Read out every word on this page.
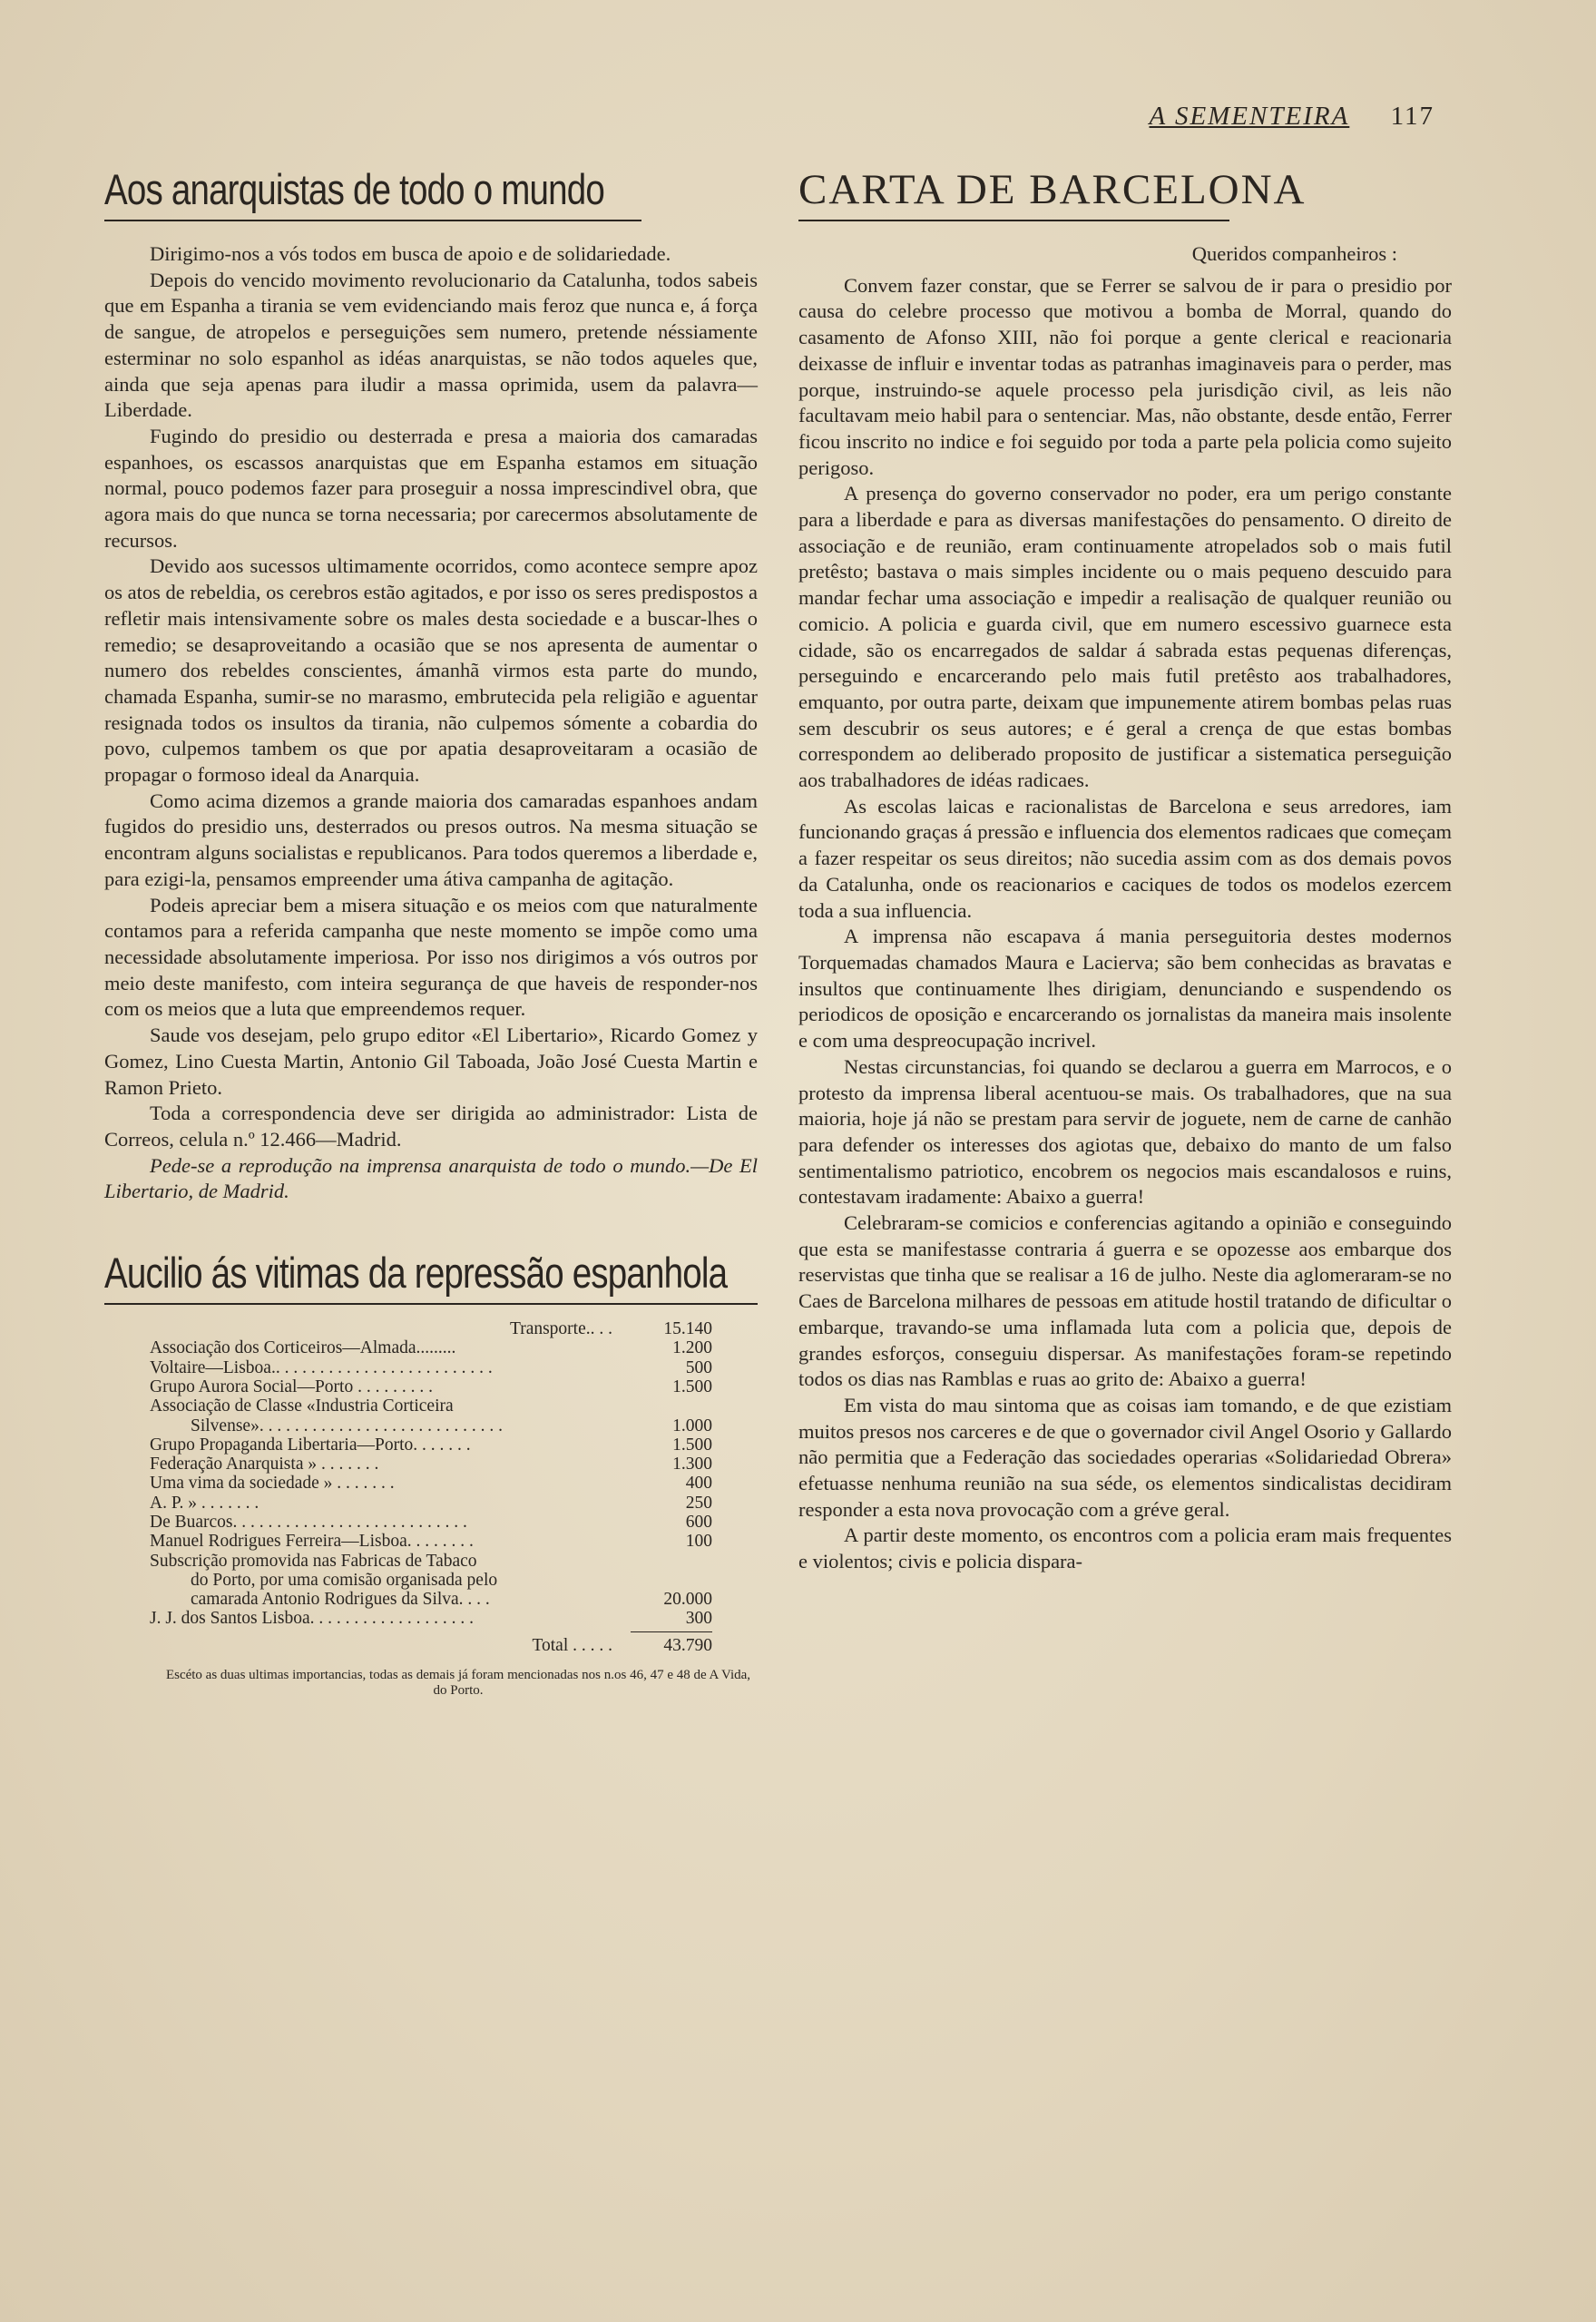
A SEMENTEIRA 117
Aos anarquistas de todo o mundo

Dirigimo-nos a vós todos em busca de apoio e de solidariedade.

Depois do vencido movimento revolucionario da Catalunha, todos sabeis que em Espanha a tirania se vem evidenciando mais feroz que nunca e, á força de sangue, de atropelos e perseguições sem numero, pretende néssiamente esterminar no solo espanhol as idéas anarquistas, se não todos aqueles que, ainda que seja apenas para iludir a massa oprimida, usem da palavra—Liberdade.

Fugindo do presidio ou desterrada e presa a maioria dos camaradas espanhoes, os escassos anarquistas que em Espanha estamos em situação normal, pouco podemos fazer para proseguir a nossa imprescindivel obra, que agora mais do que nunca se torna necessaria; por carecermos absolutamente de recursos.

Devido aos sucessos ultimamente ocorridos, como acontece sempre apoz os atos de rebeldia, os cerebros estão agitados, e por isso os seres predispostos a refletir mais intensivamente sobre os males desta sociedade e a buscar-lhes o remedio; se desaproveitando a ocasião que se nos apresenta de aumentar o numero dos rebeldes conscientes, ámanhã virmos esta parte do mundo, chamada Espanha, sumir-se no marasmo, embrutecida pela religião e aguentar resignada todos os insultos da tirania, não culpemos sómente a cobardia do povo, culpemos tambem os que por apatia desaproveitaram a ocasião de propagar o formoso ideal da Anarquia.

Como acima dizemos a grande maioria dos camaradas espanhoes andam fugidos do presidio uns, desterrados ou presos outros. Na mesma situação se encontram alguns socialistas e republicanos. Para todos queremos a liberdade e, para ezigi-la, pensamos empreender uma átiva campanha de agitação.

Podeis apreciar bem a misera situação e os meios com que naturalmente contamos para a referida campanha que neste momento se impõe como uma necessidade absolutamente imperiosa. Por isso nos dirigimos a vós outros por meio deste manifesto, com inteira segurança de que haveis de responder-nos com os meios que a luta que empreendemos requer.

Saude vos desejam, pelo grupo editor «El Libertario», Ricardo Gomez y Gomez, Lino Cuesta Martin, Antonio Gil Taboada, João José Cuesta Martin e Ramon Prieto.

Toda a correspondencia deve ser dirigida ao administrador: Lista de Correos, celula n.º 12.466—Madrid.

Pede-se a reprodução na imprensa anarquista de todo o mundo.—De El Libertario, de Madrid.

Aucilio ás vitimas da repressão espanhola
Transporte.. . .	15.140
Associação dos Corticeiros—Almada.........	1.200
Voltaire—Lisboa.. . . . . . . . . . . . . . . . . . . . . . . . .	500
Grupo Aurora Social—Porto . . . . . . . . .	1.500
Associação de Classe «Industria Corticeira
Silvense». . . . . . . . . . . . . . . . . . . . . . . . . . . .	1.000
Grupo Propaganda Libertaria—Porto. . . . . . .	1.500
Federação Anarquista » . . . . . . .	1.300
Uma vima da sociedade » . . . . . . .	400
A. P. » . . . . . . .	250
De Buarcos. . . . . . . . . . . . . . . . . . . . . . . . . . .	600
Manuel Rodrigues Ferreira—Lisboa. . . . . . . .	100
Subscrição promovida nas Fabricas de Tabaco
do Porto, por uma comisão organisada pelo
camarada Antonio Rodrigues da Silva. . . .	20.000
J. J. dos Santos Lisboa. . . . . . . . . . . . . . . . . . .	300
Total . . . . .	43.790

Escéto as duas ultimas importancias, todas as demais já foram mencionadas nos n.os 46, 47 e 48 de A Vida, do Porto.

CARTA DE BARCELONA

Queridos companheiros :

Convem fazer constar, que se Ferrer se salvou de ir para o presidio por causa do celebre processo que motivou a bomba de Morral, quando do casamento de Afonso XIII, não foi porque a gente clerical e reacionaria deixasse de influir e inventar todas as patranhas imaginaveis para o perder, mas porque, instruindo-se aquele processo pela jurisdição civil, as leis não facultavam meio habil para o sentenciar. Mas, não obstante, desde então, Ferrer ficou inscrito no indice e foi seguido por toda a parte pela policia como sujeito perigoso.

A presença do governo conservador no poder, era um perigo constante para a liberdade e para as diversas manifestações do pensamento. O direito de associação e de reunião, eram continuamente atropelados sob o mais futil pretêsto; bastava o mais simples incidente ou o mais pequeno descuido para mandar fechar uma associação e impedir a realisação de qualquer reunião ou comicio. A policia e guarda civil, que em numero escessivo guarnece esta cidade, são os encarregados de saldar á sabrada estas pequenas diferenças, perseguindo e encarcerando pelo mais futil pretêsto aos trabalhadores, emquanto, por outra parte, deixam que impunemente atirem bombas pelas ruas sem descubrir os seus autores; e é geral a crença de que estas bombas correspondem ao deliberado proposito de justificar a sistematica perseguição aos trabalhadores de idéas radicaes.

As escolas laicas e racionalistas de Barcelona e seus arredores, iam funcionando graças á pressão e influencia dos elementos radicaes que começam a fazer respeitar os seus direitos; não sucedia assim com as dos demais povos da Catalunha, onde os reacionarios e caciques de todos os modelos ezercem toda a sua influencia.

A imprensa não escapava á mania perseguitoria destes modernos Torquemadas chamados Maura e Lacierva; são bem conhecidas as bravatas e insultos que continuamente lhes dirigiam, denunciando e suspendendo os periodicos de oposição e encarcerando os jornalistas da maneira mais insolente e com uma despreocupação incrivel.

Nestas circunstancias, foi quando se declarou a guerra em Marrocos, e o protesto da imprensa liberal acentuou-se mais. Os trabalhadores, que na sua maioria, hoje já não se prestam para servir de joguete, nem de carne de canhão para defender os interesses dos agiotas que, debaixo do manto de um falso sentimentalismo patriotico, encobrem os negocios mais escandalosos e ruins, contestavam iradamente: Abaixo a guerra!

Celebraram-se comicios e conferencias agitando a opinião e conseguindo que esta se manifestasse contraria á guerra e se opozesse aos embarque dos reservistas que tinha que se realisar a 16 de julho. Neste dia aglomeraram-se no Caes de Barcelona milhares de pessoas em atitude hostil tratando de dificultar o embarque, travando-se uma inflamada luta com a policia que, depois de grandes esforços, conseguiu dispersar. As manifestações foram-se repetindo todos os dias nas Ramblas e ruas ao grito de: Abaixo a guerra!

Em vista do mau sintoma que as coisas iam tomando, e de que ezistiam muitos presos nos carceres e de que o governador civil Angel Osorio y Gallardo não permitia que a Federação das sociedades operarias «Solidariedad Obrera» efetuasse nenhuma reunião na sua séde, os elementos sindicalistas decidiram responder a esta nova provocação com a gréve geral.

A partir deste momento, os encontros com a policia eram mais frequentes e violentos; civis e policia dispara-
